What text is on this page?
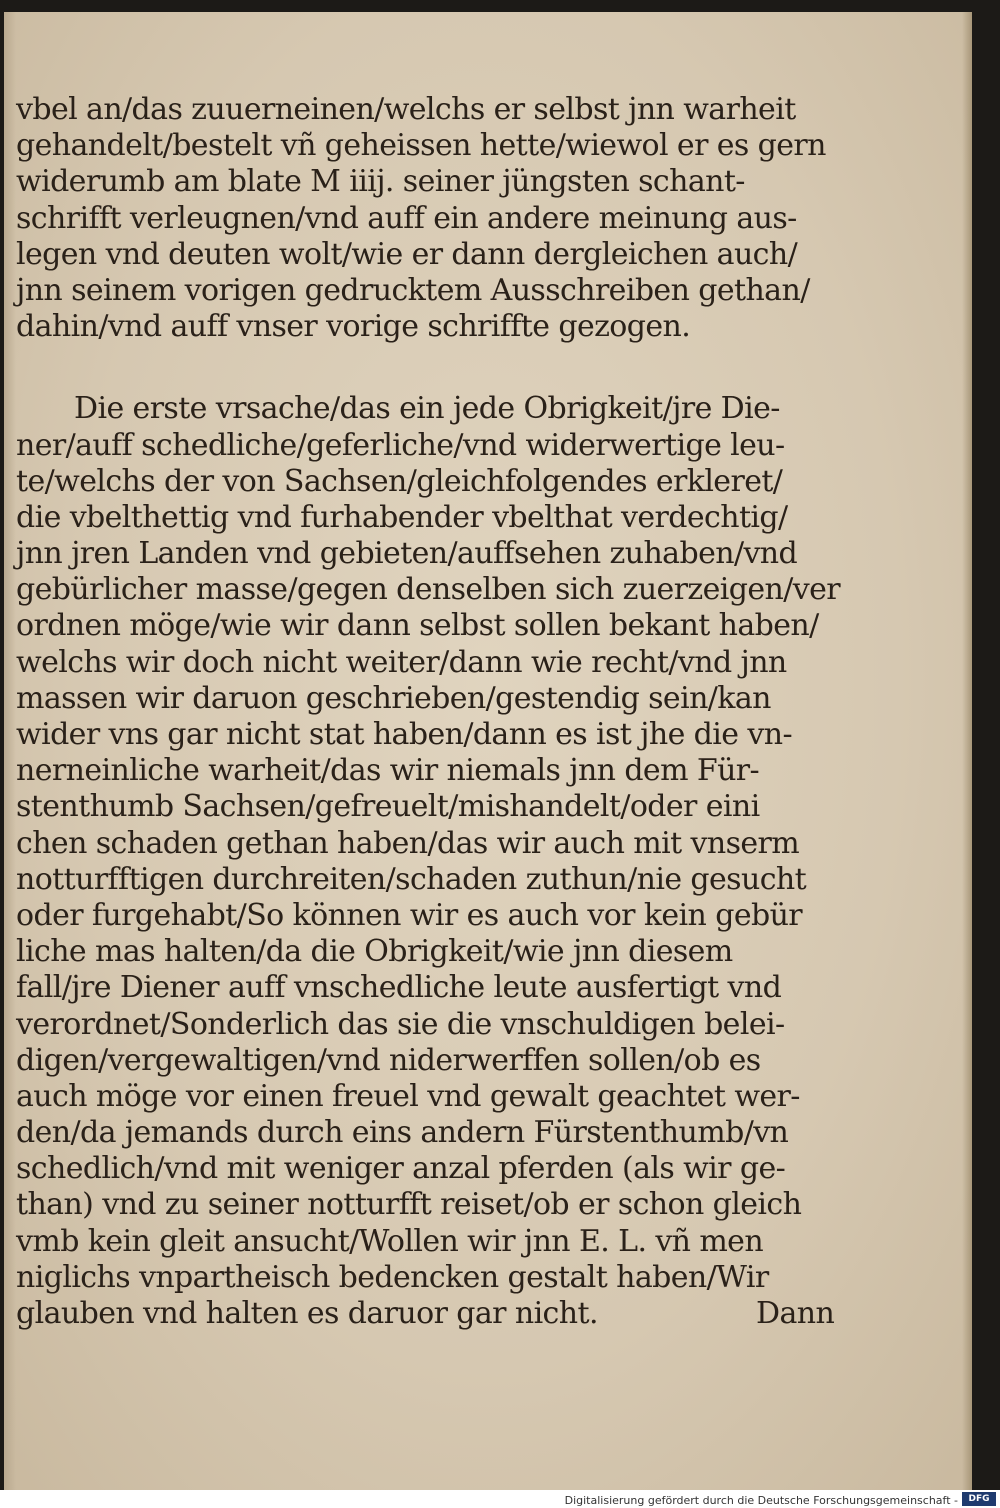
vbel an/das zuuerneinen/welchs er selbst jnn warheit
gehandelt/bestelt vñ geheissen hette/wiewol er es gern
widerumb am blate M iiij. seiner jüngsten schant-
schrifft verleugnen/vnd auff ein andere meinung aus-
legen vnd deuten wolt/wie er dann dergleichen auch/
jnn seinem vorigen gedrucktem Ausschreiben gethan/
dahin/vnd auff vnser vorige schriffte gezogen.
Die erste vrsache/das ein jede Obrigkeit/jre Die-
ner/auff schedliche/geferliche/vnd widerwertige leu-
te/welchs der von Sachsen/gleichfolgendes erkleret/
die vbelthettig vnd furhabender vbelthat verdechtig/
jnn jren Landen vnd gebieten/auffsehen zuhaben/vnd
gebürlicher masse/gegen denselben sich zuerzeigen/ver
ordnen möge/wie wir dann selbst sollen bekant haben/
welchs wir doch nicht weiter/dann wie recht/vnd jnn
massen wir daruon geschrieben/gestendig sein/kan
wider vns gar nicht stat haben/dann es ist jhe die vn-
nerneinliche warheit/das wir niemals jnn dem Für-
stenthumb Sachsen/gefreuelt/mishandelt/oder eini
chen schaden gethan haben/das wir auch mit vnserm
notturfftigen durchreiten/schaden zuthun/nie gesucht
oder furgehabt/So können wir es auch vor kein gebür
liche mas halten/da die Obrigkeit/wie jnn diesem
fall/jre Diener auff vnschedliche leute ausfertigt vnd
verordnet/Sonderlich das sie die vnschuldigen belei-
digen/vergewaltigen/vnd niderwerffen sollen/ob es
auch möge vor einen freuel vnd gewalt geachtet wer-
den/da jemands durch eins andern Fürstenthumb/vn
schedlich/vnd mit weniger anzal pferden (als wir ge-
than) vnd zu seiner notturfft reiset/ob er schon gleich
vmb kein gleit ansucht/Wollen wir jnn E. L. vñ men
niglichs vnpartheisch bedencken gestalt haben/Wir
glauben vnd halten es daruor gar nicht.	Dann
Digitalisierung gefördert durch die Deutsche Forschungsgemeinschaft -	DFG
